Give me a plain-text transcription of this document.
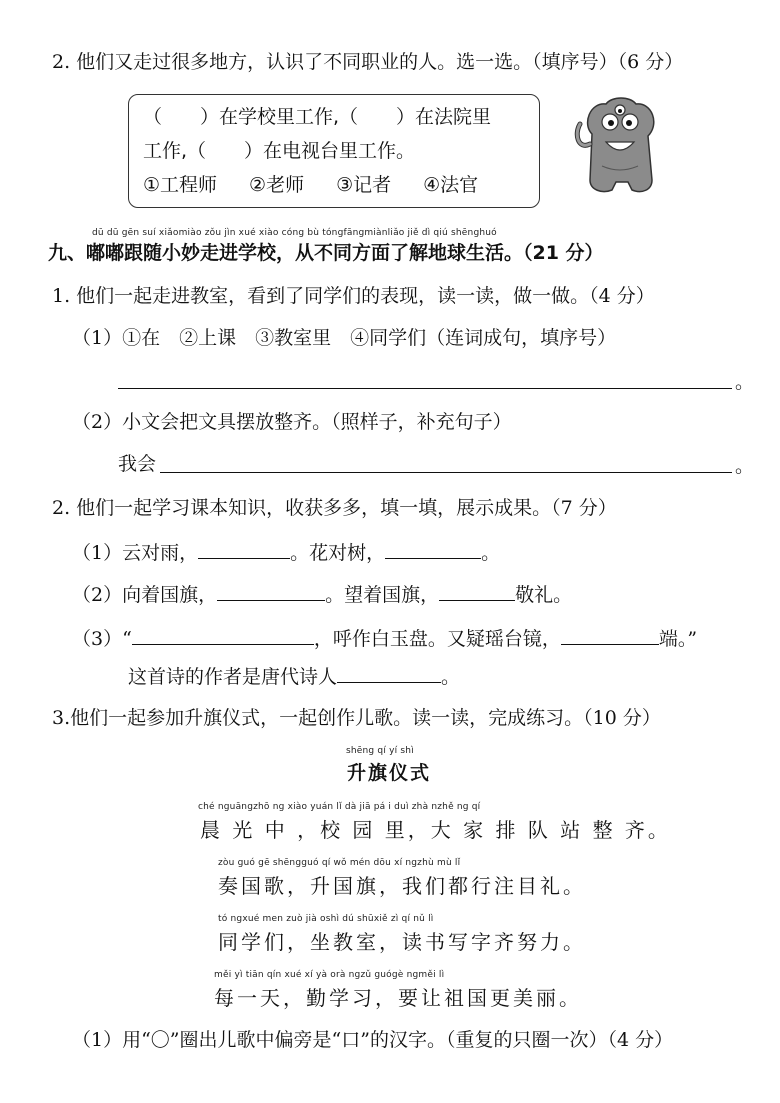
2. 他们又走过很多地方，认识了不同职业的人。选一选。（填序号）（6 分）
（　　）在学校里工作,（　　）在法院里
工作,（　　）在电视台里工作。
①工程师 ②老师 ③记者 ④法官
dū dū gēn suí xiǎomiào zǒu jìn xué xiào cóng bù tóngfāngmiànliǎo jiě dì qiú shēnghuó
九、嘟嘟跟随小妙走进学校，从不同方面了解地球生活。（21 分）
1. 他们一起走进教室，看到了同学们的表现，读一读，做一做。（4 分）
（1）①在　②上课　③教室里　④同学们（连词成句，填序号）
。
（2）小文会把文具摆放整齐。（照样子，补充句子）
我会	。
2. 他们一起学习课本知识，收获多多，填一填，展示成果。（7 分）
（1）云对雨，	。花对树，	。
（2）向着国旗，	。望着国旗，	敬礼。
（3）“	，呼作白玉盘。又疑瑶台镜，	端。”
这首诗的作者是唐代诗人	。
3.他们一起参加升旗仪式，一起创作儿歌。读一读，完成练习。（10 分）
shēng qí yí shì
升旗仪式
ché nguāngzhō ng xiào yuán lǐ dà jiā pá i duì zhà nzhě ng qí
晨 光 中 ，校 园 里，大 家 排 队 站 整 齐。
zòu guó gē shēngguó qí wǒ mén dōu xí ngzhù mù lǐ
奏国歌，升国旗，我们都行注目礼。
tó ngxué men zuò jià oshì dú shūxiě zì qí nǔ lì
同学们，坐教室，读书写字齐努力。
měi yì tiān qín xué xí yà orà ngzǔ guógè ngměi lì
每一天，勤学习，要让祖国更美丽。
（1）用“〇”圈出儿歌中偏旁是“口”的汉字。（重复的只圈一次）（4 分）
